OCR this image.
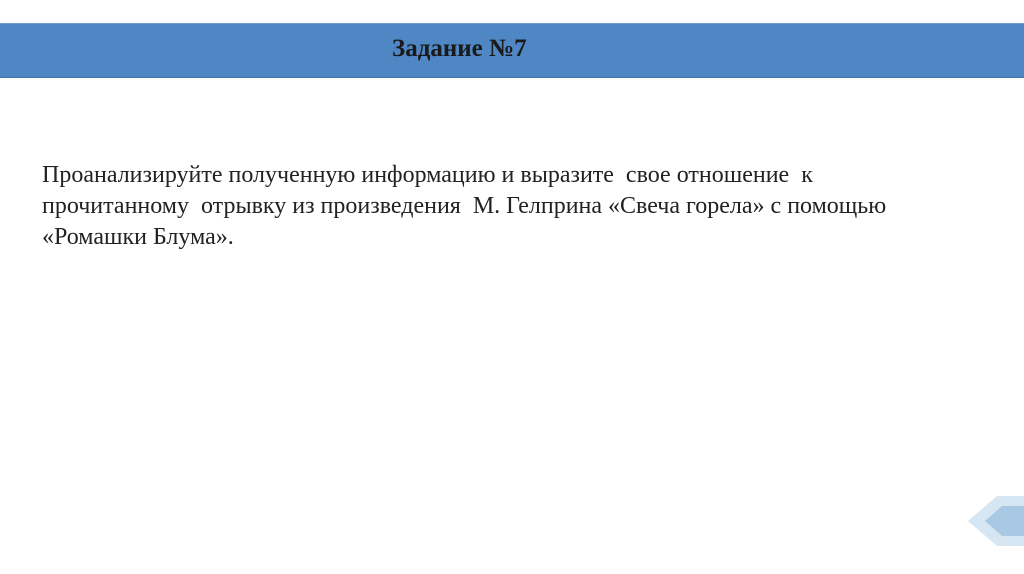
Задание №7

Проанализируйте полученную информацию и выразите  свое отношение  к
прочитанному  отрывку из произведения  М. Гелприна «Свеча горела» с помощью
«Ромашки Блума».
